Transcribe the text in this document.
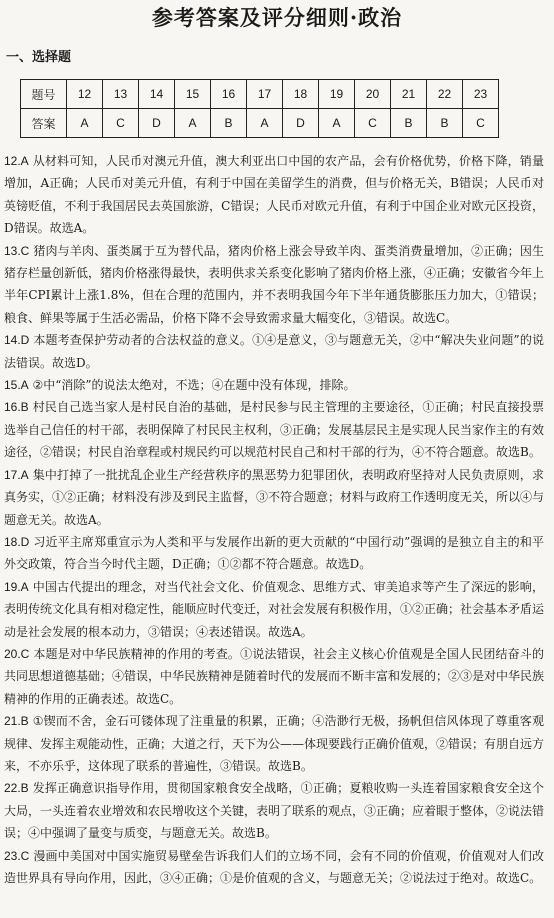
参考答案及评分细则·政治
一、选择题
题号	12	13	14	15	16	17	18	19	20	21	22	23
答案	A	C	D	A	B	A	D	A	C	B	B	C
12.A 从材料可知，人民币对澳元升值，澳大利亚出口中国的农产品，会有价格优势，价格下降，销量增加，A正确；人民币对美元升值，有利于中国在美留学生的消费，但与价格无关，B错误；人民币对英镑贬值，不利于我国居民去英国旅游，C错误；人民币对欧元升值，有利于中国企业对欧元区投资，D错误。故选A。
13.C 猪肉与羊肉、蛋类属于互为替代品，猪肉价格上涨会导致羊肉、蛋类消费量增加，②正确；因生猪存栏量创新低，猪肉价格涨得最快，表明供求关系变化影响了猪肉价格上涨，④正确；安徽省今年上半年CPI累计上涨1.8%，但在合理的范围内，并不表明我国今年下半年通货膨胀压力加大，①错误；粮食、鲜果等属于生活必需品，价格下降不会导致需求量大幅变化，③错误。故选C。
14.D 本题考查保护劳动者的合法权益的意义。①④是意义，③与题意无关，②中“解决失业问题”的说法错误。故选D。
15.A ②中“消除”的说法太绝对，不选；④在题中没有体现，排除。
16.B 村民自己选当家人是村民自治的基础，是村民参与民主管理的主要途径，①正确；村民直接投票选举自己信任的村干部，表明保障了村民民主权利，③正确；发展基层民主是实现人民当家作主的有效途径，②错误；村民自治章程或村规民约可以规范村民自己和村干部的行为，④不符合题意。故选B。
17.A 集中打掉了一批扰乱企业生产经营秩序的黑恶势力犯罪团伙，表明政府坚持对人民负责原则，求真务实，①②正确；材料没有涉及到民主监督，③不符合题意；材料与政府工作透明度无关，所以④与题意无关。故选A。
18.D 习近平主席郑重宣示为人类和平与发展作出新的更大贡献的“中国行动”强调的是独立自主的和平外交政策，符合当今时代主题，D正确；①②都不符合题意。故选D。
19.A 中国古代提出的理念，对当代社会文化、价值观念、思维方式、审美追求等产生了深远的影响，表明传统文化具有相对稳定性，能顺应时代变迁，对社会发展有积极作用，①②正确；社会基本矛盾运动是社会发展的根本动力，③错误；④表述错误。故选A。
20.C 本题是对中华民族精神的作用的考查。①说法错误，社会主义核心价值观是全国人民团结奋斗的共同思想道德基础；④错误，中华民族精神是随着时代的发展而不断丰富和发展的；②③是对中华民族精神的作用的正确表述。故选C。
21.B ①锲而不舍，金石可镂体现了注重量的积累，正确；④浩渺行无极，扬帆但信风体现了尊重客观规律、发挥主观能动性，正确；大道之行，天下为公——体现要践行正确价值观，②错误；有朋自远方来，不亦乐乎，这体现了联系的普遍性，③错误。故选B。
22.B 发挥正确意识指导作用，贯彻国家粮食安全战略，①正确；夏粮收购一头连着国家粮食安全这个大局，一头连着农业增效和农民增收这个关键，表明了联系的观点，③正确；应着眼于整体，②说法错误；④中强调了量变与质变，与题意无关。故选B。
23.C 漫画中美国对中国实施贸易壁垒告诉我们人们的立场不同，会有不同的价值观，价值观对人们改造世界具有导向作用，因此，③④正确；①是价值观的含义，与题意无关；②说法过于绝对。故选C。
